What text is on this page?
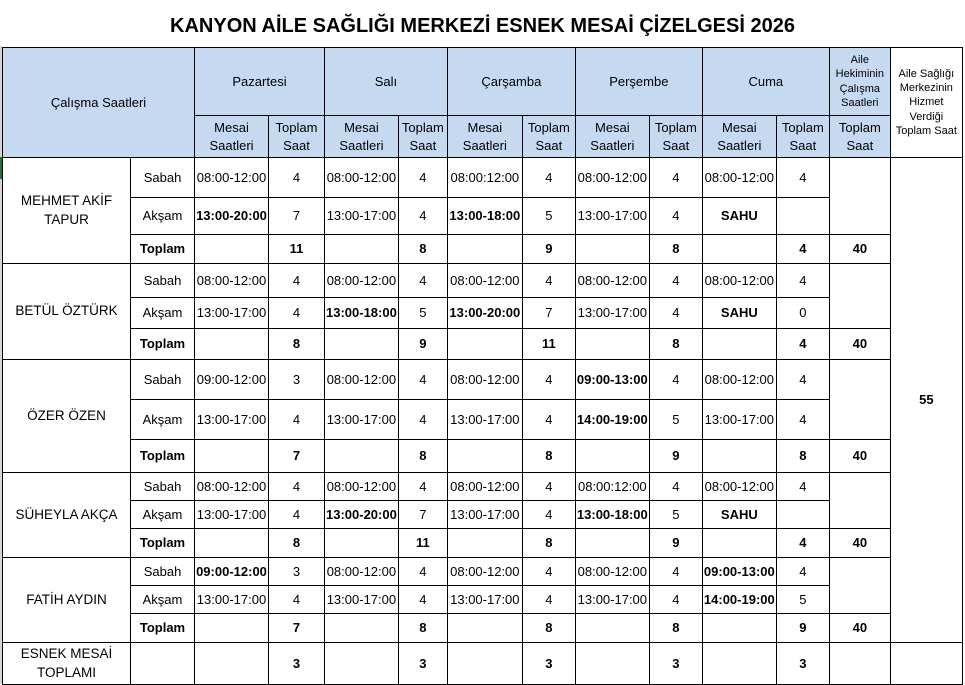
KANYON AİLE SAĞLIĞI MERKEZİ ESNEK MESAİ ÇİZELGESİ 2026
Çalışma Saatleri		Pazartesi		Salı		Çarşamba		Perşembe		Cuma		Aile Hekiminin Çalışma Saatleri	Aile Sağlığı Merkezinin Hizmet Verdiği Toplam Saat
		Mesai Saatleri	Toplam Saat	Mesai Saatleri	Toplam Saat	Mesai Saatleri	Toplam Saat	Mesai Saatleri	Toplam Saat	Mesai Saatleri	Toplam Saat	Toplam Saat	
MEHMET AKİF TAPUR	Sabah	08:00-12:00	4	08:00-12:00	4	08:00:12:00	4	08:00-12:00	4	08:00-12:00	4		55
	Akşam	13:00-20:00	7	13:00-17:00	4	13:00-18:00	5	13:00-17:00	4	SAHU			
	Toplam		11		8		9		8		4	40	
BETÜL ÖZTÜRK	Sabah	08:00-12:00	4	08:00-12:00	4	08:00-12:00	4	08:00-12:00	4	08:00-12:00	4		
	Akşam	13:00-17:00	4	13:00-18:00	5	13:00-20:00	7	13:00-17:00	4	SAHU	0		
	Toplam		8		9		11		8		4	40	
ÖZER ÖZEN	Sabah	09:00-12:00	3	08:00-12:00	4	08:00-12:00	4	09:00-13:00	4	08:00-12:00	4		
	Akşam	13:00-17:00	4	13:00-17:00	4	13:00-17:00	4	14:00-19:00	5	13:00-17:00	4		
	Toplam		7		8		8		9		8	40	
SÜHEYLA AKÇA	Sabah	08:00-12:00	4	08:00-12:00	4	08:00-12:00	4	08:00:12:00	4	08:00-12:00	4		
	Akşam	13:00-17:00	4	13:00-20:00	7	13:00-17:00	4	13:00-18:00	5	SAHU			
	Toplam		8		11		8		9		4	40	
FATİH AYDIN	Sabah	09:00-12:00	3	08:00-12:00	4	08:00-12:00	4	08:00-12:00	4	09:00-13:00	4		
	Akşam	13:00-17:00	4	13:00-17:00	4	13:00-17:00	4	13:00-17:00	4	14:00-19:00	5		
	Toplam		7		8		8		8		9	40	
ESNEK MESAİ TOPLAMI			3		3		3		3		3		
